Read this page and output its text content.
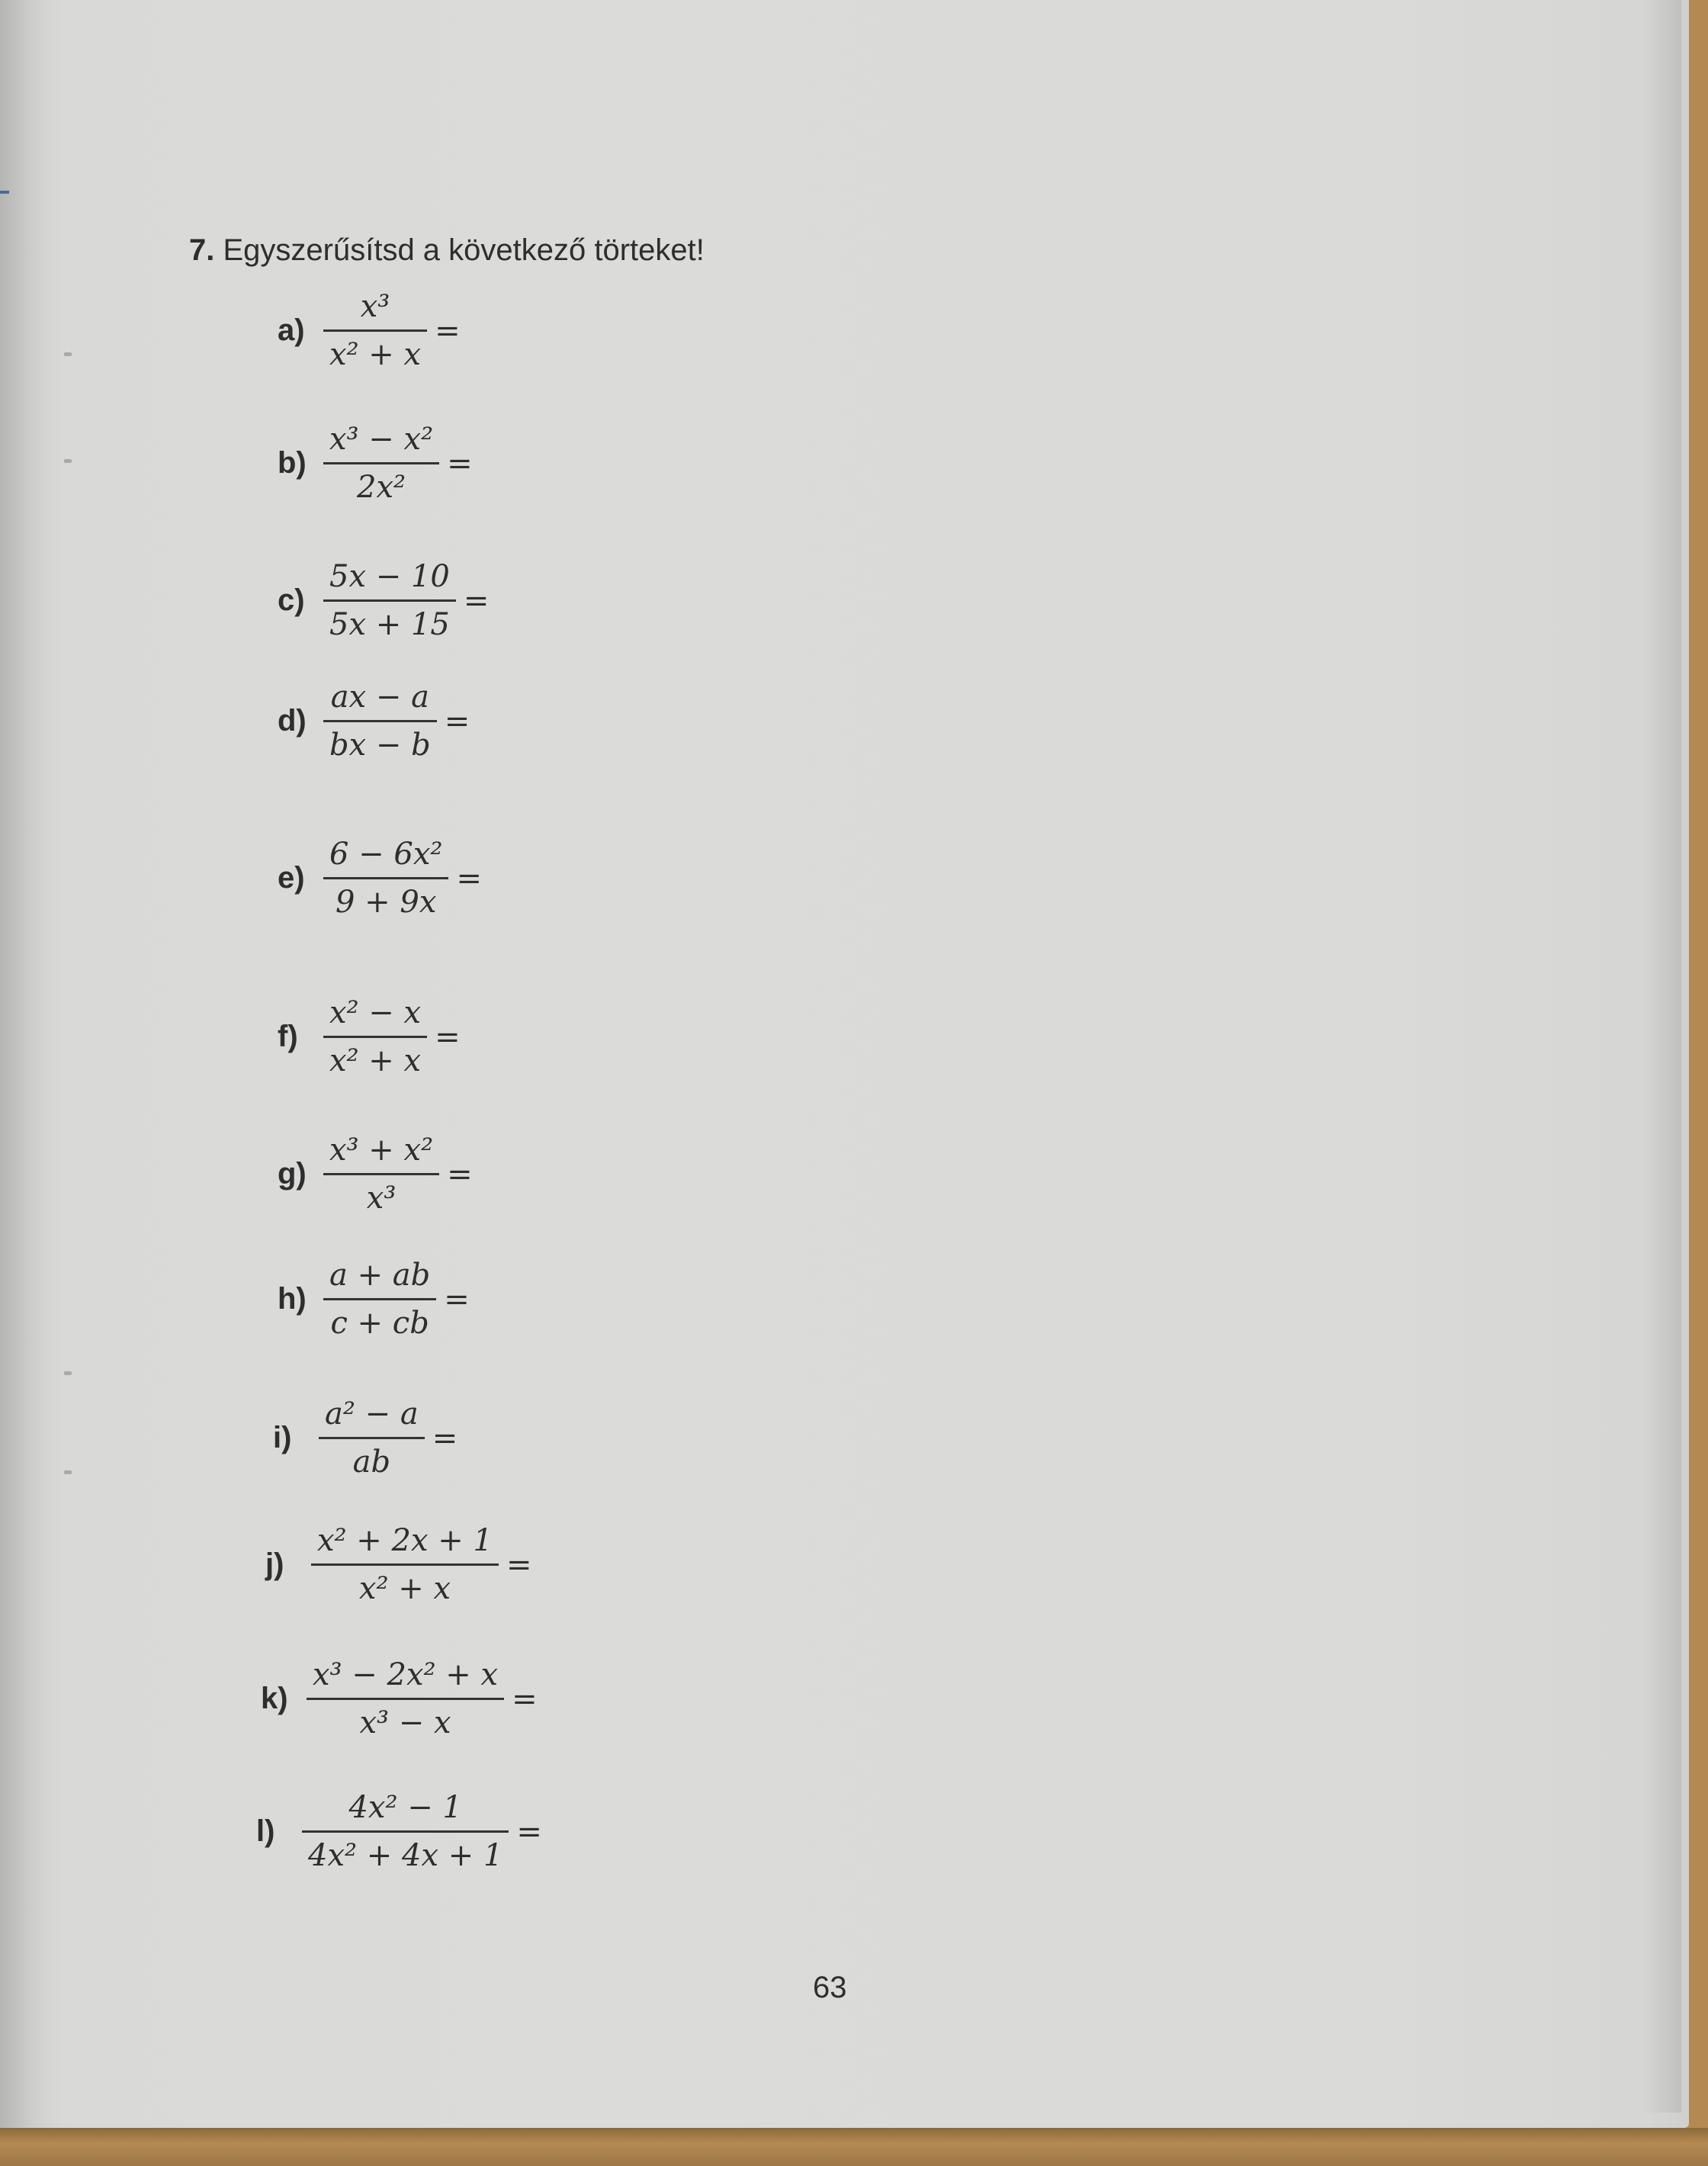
7. Egyszerűsítsd a következő törteket!
$a) \frac{\text{x³}}{\text{x² + x}}$ =
$b) \frac{\text{x³ − x²}}{\text{2x²}}$ =
$c) \frac{5x - 10}{5x + 15}$ =
$d) \frac{ax - a}{bx - b}$ =
$e) \frac{\text{6 − 6x²}}{9 + 9x}$ =
$f) \frac{\text{x² − x}}{\text{x² + x}}$ =
$g) \frac{\text{x³ + x²}}{\text{x³}}$ =
$h) \frac{a + ab}{c + cb}$ =
$i) \frac{\text{a² − a}}{ab}$ =
$j) \frac{\text{x² + 2x + 1}}{\text{x² + x}}$ =
$k) \frac{\text{x³ − 2x² + x}}{\text{x³ − x}}$ =
$l) \frac{\text{4x² − 1}}{\text{4x² + 4x + 1}}$ =
63
